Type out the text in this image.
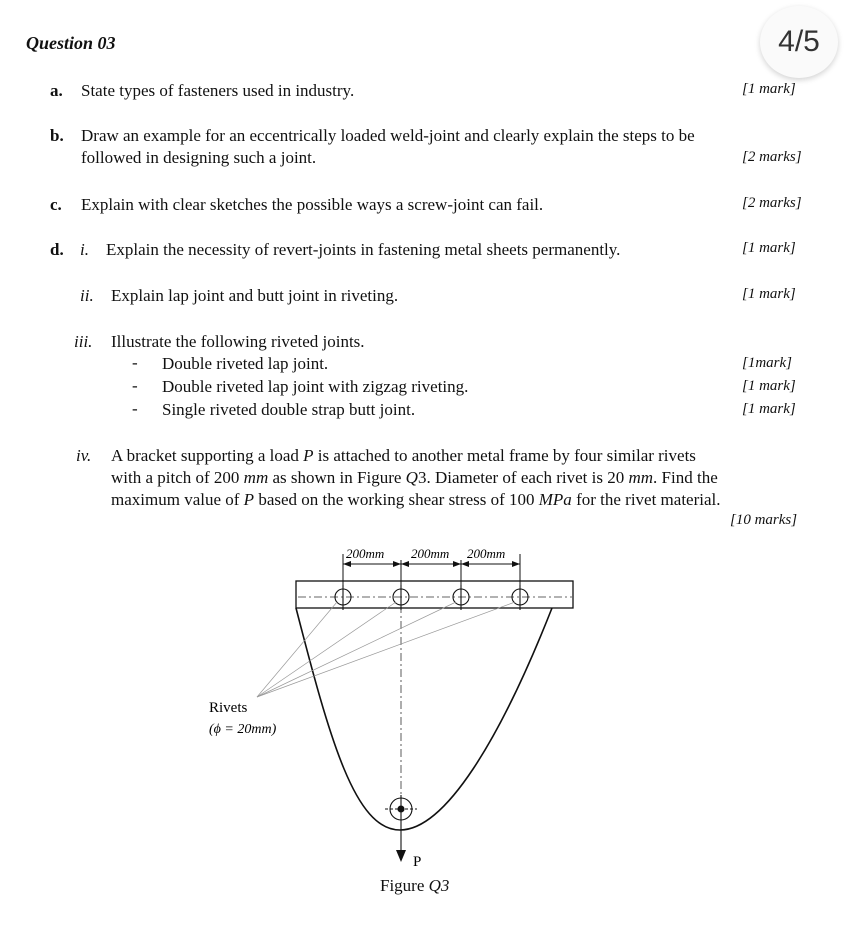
Question 03	4/5
a. State types of fasteners used in industry.	[1 mark]
b. Draw an example for an eccentrically loaded weld-joint and clearly explain the steps to be
followed in designing such a joint.	[2 marks]
c. Explain with clear sketches the possible ways a screw-joint can fail.	[2 marks]
d. i. Explain the necessity of revert-joints in fastening metal sheets permanently.	[1 mark]
ii. Explain lap joint and butt joint in riveting.	[1 mark]
iii. Illustrate the following riveted joints.
- Double riveted lap joint.	[1mark]
- Double riveted lap joint with zigzag riveting.	[1 mark]
- Single riveted double strap butt joint.	[1 mark]
iv. A bracket supporting a load P is attached to another metal frame by four similar rivets
with a pitch of 200 mm as shown in Figure Q3. Diameter of each rivet is 20 mm. Find the
maximum value of P based on the working shear stress of 100 MPa for the rivet material.
[10 marks]
200mm 200mm 200mm
Rivets
(ϕ = 20mm)
P
Figure Q3
